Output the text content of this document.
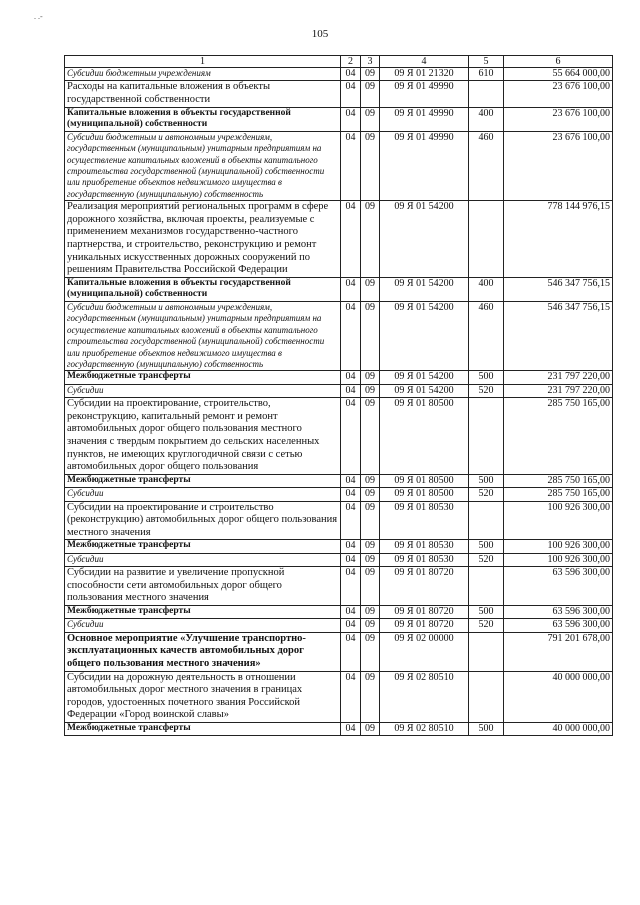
105
. .-
1	2	3	4	5	6
Субсидии бюджетным учреждениям	04	09	09 Я 01 21320	610	55 664 000,00
Расходы на капитальные вложения в объекты государственной собственности	04	09	09 Я 01 49990		23 676 100,00
Капитальные вложения в объекты государственной (муниципальной) собственности	04	09	09 Я 01 49990	400	23 676 100,00
Субсидии бюджетным и автономным учреждениям, государственным (муниципальным) унитарным предприятиям на осуществление капитальных вложений в объекты капитального строительства государственной (муниципальной) собственности или приобретение объектов недвижимого имущества в государственную (муниципальную) собственность	04	09	09 Я 01 49990	460	23 676 100,00
Реализация мероприятий региональных программ в сфере дорожного хозяйства, включая проекты, реализуемые с применением механизмов государственно-частного партнерства, и строительство, реконструкцию и ремонт уникальных искусственных дорожных сооружений по решениям Правительства Российской Федерации	04	09	09 Я 01 54200		778 144 976,15
Капитальные вложения в объекты государственной (муниципальной) собственности	04	09	09 Я 01 54200	400	546 347 756,15
Субсидии бюджетным и автономным учреждениям, государственным (муниципальным) унитарным предприятиям на осуществление капитальных вложений в объекты капитального строительства государственной (муниципальной) собственности или приобретение объектов недвижимого имущества в государственную (муниципальную) собственность	04	09	09 Я 01 54200	460	546 347 756,15
Межбюджетные трансферты	04	09	09 Я 01 54200	500	231 797 220,00
Субсидии	04	09	09 Я 01 54200	520	231 797 220,00
Субсидии на проектирование, строительство, реконструкцию, капитальный ремонт и ремонт автомобильных дорог общего пользования местного значения с твердым покрытием до сельских населенных пунктов, не имеющих круглогодичной связи с сетью автомобильных дорог общего пользования	04	09	09 Я 01 80500		285 750 165,00
Межбюджетные трансферты	04	09	09 Я 01 80500	500	285 750 165,00
Субсидии	04	09	09 Я 01 80500	520	285 750 165,00
Субсидии на проектирование и строительство (реконструкцию) автомобильных дорог общего пользования местного значения	04	09	09 Я 01 80530		100 926 300,00
Межбюджетные трансферты	04	09	09 Я 01 80530	500	100 926 300,00
Субсидии	04	09	09 Я 01 80530	520	100 926 300,00
Субсидии на развитие и увеличение пропускной способности сети автомобильных дорог общего пользования местного значения	04	09	09 Я 01 80720		63 596 300,00
Межбюджетные трансферты	04	09	09 Я 01 80720	500	63 596 300,00
Субсидии	04	09	09 Я 01 80720	520	63 596 300,00
Основное мероприятие «Улучшение транспортно-эксплуатационных качеств автомобильных дорог общего пользования местного значения»	04	09	09 Я 02 00000		791 201 678,00
Субсидии на дорожную деятельность в отношении автомобильных дорог местного значения в границах городов, удостоенных почетного звания Российской Федерации «Город воинской славы»	04	09	09 Я 02 80510		40 000 000,00
Межбюджетные трансферты	04	09	09 Я 02 80510	500	40 000 000,00
